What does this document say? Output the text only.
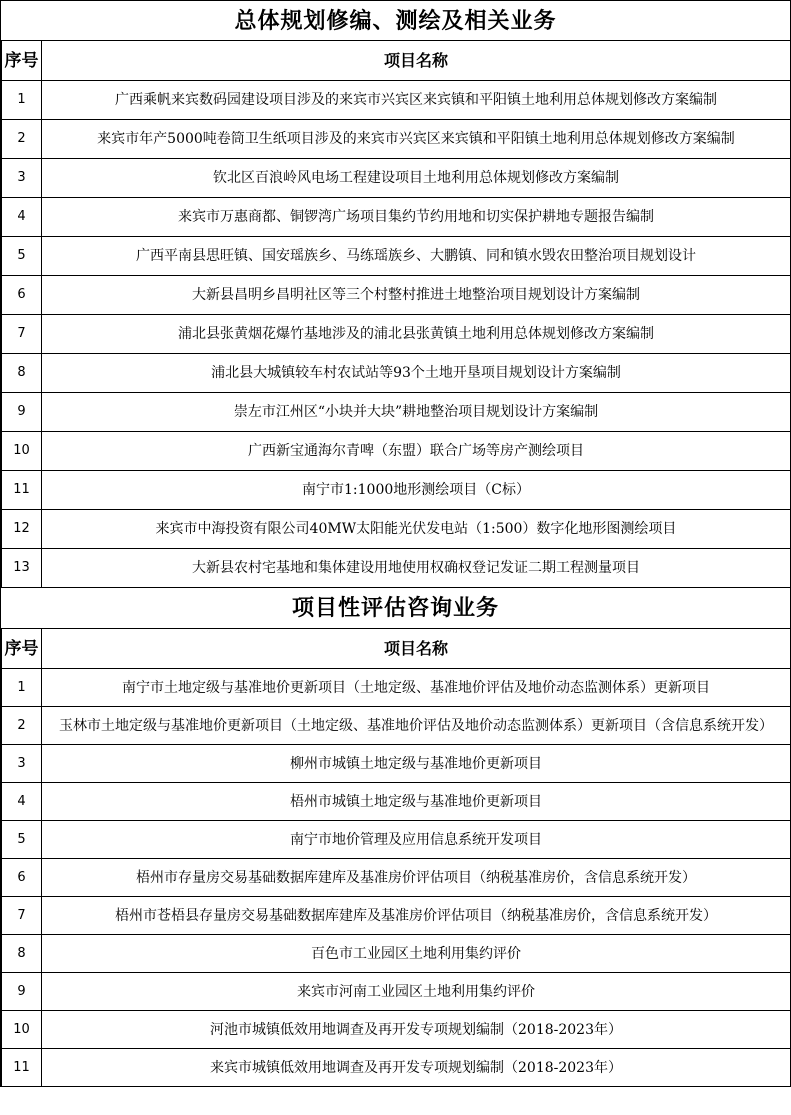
总体规划修编、测绘及相关业务
序号	项目名称
1	广西乘帆来宾数码园建设项目涉及的来宾市兴宾区来宾镇和平阳镇土地利用总体规划修改方案编制
2	来宾市年产5000吨卷筒卫生纸项目涉及的来宾市兴宾区来宾镇和平阳镇土地利用总体规划修改方案编制
3	钦北区百浪岭风电场工程建设项目土地利用总体规划修改方案编制
4	来宾市万惠商都、铜锣湾广场项目集约节约用地和切实保护耕地专题报告编制
5	广西平南县思旺镇、国安瑶族乡、马练瑶族乡、大鹏镇、同和镇水毁农田整治项目规划设计
6	大新县昌明乡昌明社区等三个村整村推进土地整治项目规划设计方案编制
7	浦北县张黄烟花爆竹基地涉及的浦北县张黄镇土地利用总体规划修改方案编制
8	浦北县大城镇较车村农试站等93个土地开垦项目规划设计方案编制
9	崇左市江州区“小块并大块”耕地整治项目规划设计方案编制
10	广西新宝通海尔青啤（东盟）联合广场等房产测绘项目
11	南宁市1:1000地形测绘项目（C标）
12	来宾市中海投资有限公司40MW太阳能光伏发电站（1:500）数字化地形图测绘项目
13	大新县农村宅基地和集体建设用地使用权确权登记发证二期工程测量项目
项目性评估咨询业务
序号	项目名称
1	南宁市土地定级与基准地价更新项目（土地定级、基准地价评估及地价动态监测体系）更新项目
2	玉林市土地定级与基准地价更新项目（土地定级、基准地价评估及地价动态监测体系）更新项目（含信息系统开发）
3	柳州市城镇土地定级与基准地价更新项目
4	梧州市城镇土地定级与基准地价更新项目
5	南宁市地价管理及应用信息系统开发项目
6	梧州市存量房交易基础数据库建库及基准房价评估项目（纳税基准房价，含信息系统开发）
7	梧州市苍梧县存量房交易基础数据库建库及基准房价评估项目（纳税基准房价，含信息系统开发）
8	百色市工业园区土地利用集约评价
9	来宾市河南工业园区土地利用集约评价
10	河池市城镇低效用地调查及再开发专项规划编制（2018-2023年）
11	来宾市城镇低效用地调查及再开发专项规划编制（2018-2023年）
